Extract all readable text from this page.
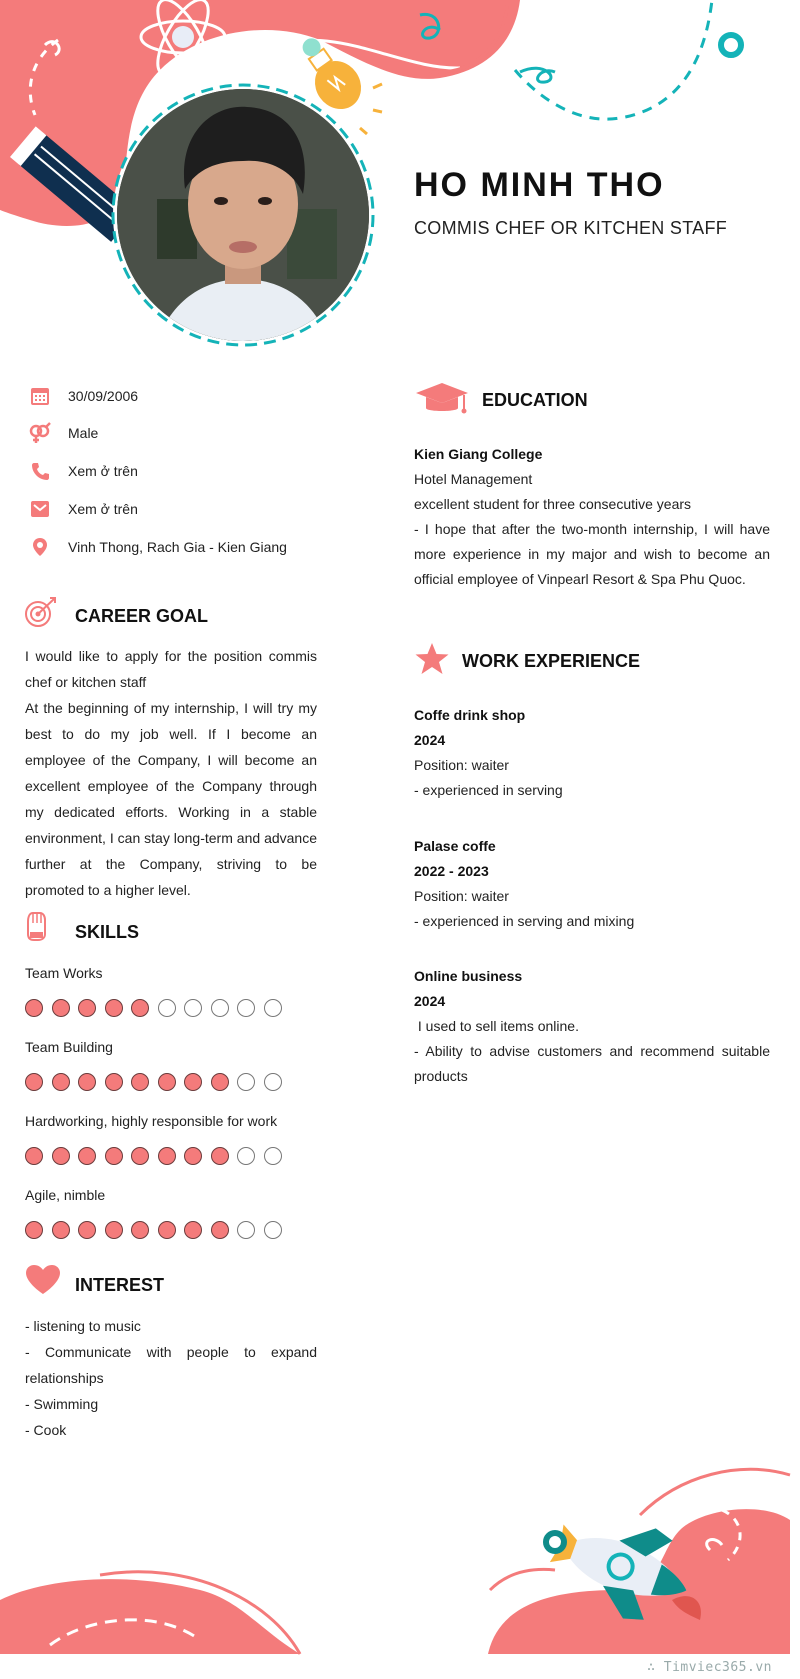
HO MINH THO
COMMIS CHEF OR KITCHEN STAFF
30/09/2006
Male
Xem ở trên
Xem ở trên
Vinh Thong, Rach Gia - Kien Giang
CAREER GOAL

I would like to apply for the position commis chef or kitchen staff

At the beginning of my internship, I will try my best to do my job well. If I become an employee of the Company, I will become an excellent employee of the Company through my dedicated efforts. Working in a stable environment, I can stay long-term and advance further at the Company, striving to be promoted to a higher level.

SKILLS
Team Works
Team Building
Hardworking, highly responsible for work
Agile, nimble
INTEREST

- listening to music

- Communicate with people to expand relationships

- Swimming

- Cook

EDUCATION

Kien Giang College

Hotel Management

excellent student for three consecutive years

- I hope that after the two-month internship, I will have more experience in my major and wish to become an official employee of Vinpearl Resort & Spa Phu Quoc.

WORK EXPERIENCE

Coffe drink shop

2024

Position: waiter

- experienced in serving

Palase coffe

2022 - 2023

Position: waiter

- experienced in serving and mixing

Online business

2024

I used to sell items online.

- Ability to advise customers and recommend suitable products

∴ Timviec365.vn
